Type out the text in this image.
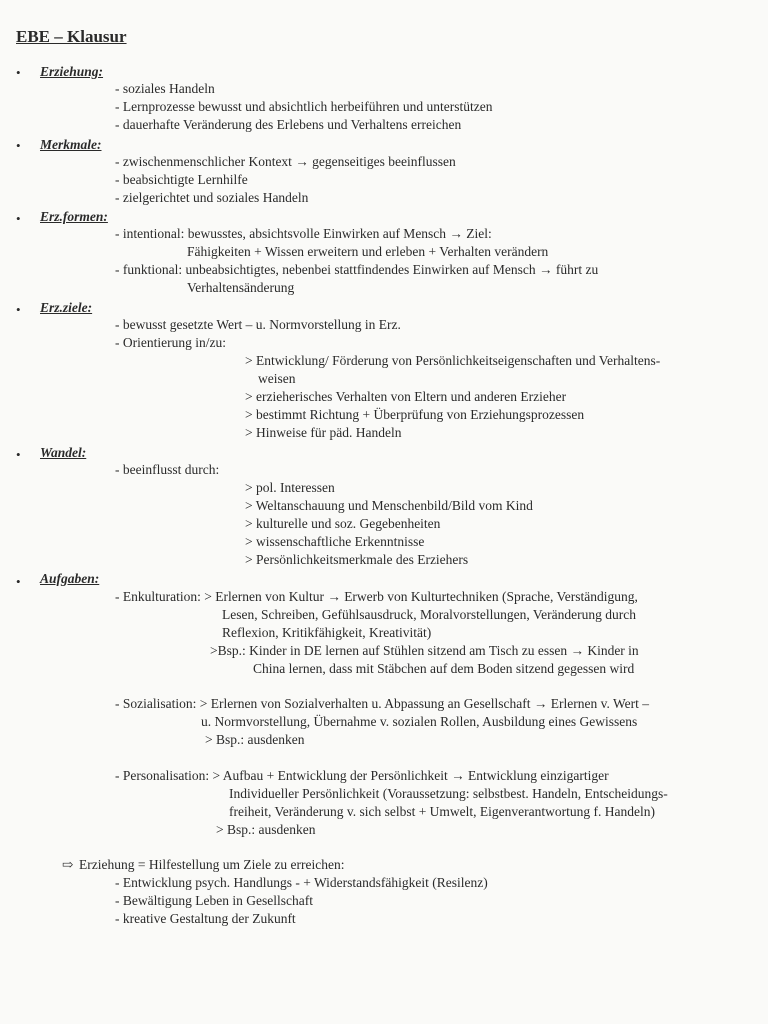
EBE – Klausur
• Erziehung:
- soziales Handeln
- Lernprozesse bewusst und absichtlich herbeiführen und unterstützen
- dauerhafte Veränderung des Erlebens und Verhaltens erreichen
• Merkmale:
- zwischenmenschlicher Kontext → gegenseitiges beeinflussen
- beabsichtigte Lernhilfe
- zielgerichtet und soziales Handeln
• Erz.formen:
- intentional: bewusstes, absichtsvolle Einwirken auf Mensch → Ziel:
Fähigkeiten + Wissen erweitern und erleben + Verhalten verändern
- funktional: unbeabsichtigtes, nebenbei stattfindendes Einwirken auf Mensch → führt zu
Verhaltensänderung
• Erz.ziele:
- bewusst gesetzte Wert – u. Normvorstellung in Erz.
- Orientierung in/zu:
> Entwicklung/ Förderung von Persönlichkeitseigenschaften und Verhaltens-
weisen
> erzieherisches Verhalten von Eltern und anderen Erzieher
> bestimmt Richtung + Überprüfung von Erziehungsprozessen
> Hinweise für päd. Handeln
• Wandel:
- beeinflusst durch:
> pol. Interessen
> Weltanschauung und Menschenbild/Bild vom Kind
> kulturelle und soz. Gegebenheiten
> wissenschaftliche Erkenntnisse
> Persönlichkeitsmerkmale des Erziehers
• Aufgaben:
- Enkulturation: > Erlernen von Kultur → Erwerb von Kulturtechniken (Sprache, Verständigung,
Lesen, Schreiben, Gefühlsausdruck, Moralvorstellungen, Veränderung durch
Reflexion, Kritikfähigkeit, Kreativität)
>Bsp.: Kinder in DE lernen auf Stühlen sitzend am Tisch zu essen → Kinder in
China lernen, dass mit Stäbchen auf dem Boden sitzend gegessen wird
- Sozialisation: > Erlernen von Sozialverhalten u. Abpassung an Gesellschaft → Erlernen v. Wert –
u. Normvorstellung, Übernahme v. sozialen Rollen, Ausbildung eines Gewissens
> Bsp.: ausdenken
- Personalisation: > Aufbau + Entwicklung der Persönlichkeit → Entwicklung einzigartiger
Individueller Persönlichkeit (Voraussetzung: selbstbest. Handeln, Entscheidungs-
freiheit, Veränderung v. sich selbst + Umwelt, Eigenverantwortung f. Handeln)
> Bsp.: ausdenken
⇨ Erziehung = Hilfestellung um Ziele zu erreichen:
- Entwicklung psych. Handlungs - + Widerstandsfähigkeit (Resilenz)
- Bewältigung Leben in Gesellschaft
- kreative Gestaltung der Zukunft
